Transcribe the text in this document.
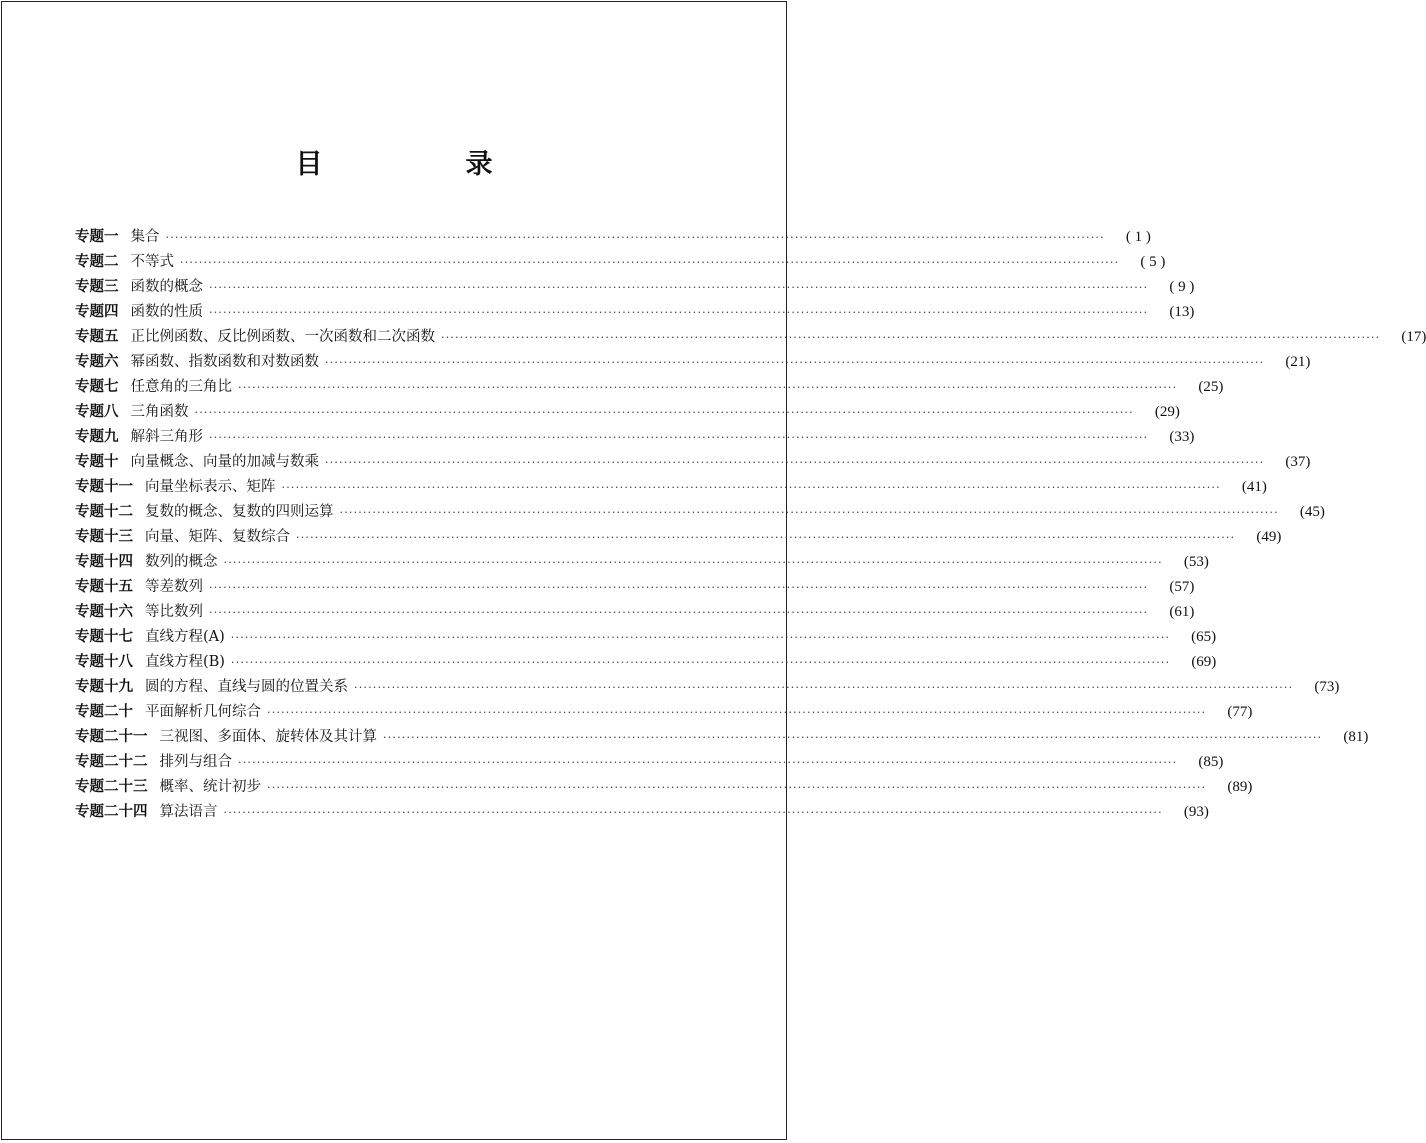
目　录
专题一 集合 ········································································································································································································	( 1 )
专题二 不等式 ········································································································································································································	( 5 )
专题三 函数的概念 ········································································································································································································	( 9 )
专题四 函数的性质 ········································································································································································································	(13)
专题五 正比例函数、反比例函数、一次函数和二次函数 ········································································································································································································	(17)
专题六 幂函数、指数函数和对数函数 ········································································································································································································	(21)
专题七 任意角的三角比 ········································································································································································································	(25)
专题八 三角函数 ········································································································································································································	(29)
专题九 解斜三角形 ········································································································································································································	(33)
专题十 向量概念、向量的加减与数乘 ········································································································································································································	(37)
专题十一 向量坐标表示、矩阵 ········································································································································································································	(41)
专题十二 复数的概念、复数的四则运算 ········································································································································································································	(45)
专题十三 向量、矩阵、复数综合 ········································································································································································································	(49)
专题十四 数列的概念 ········································································································································································································	(53)
专题十五 等差数列 ········································································································································································································	(57)
专题十六 等比数列 ········································································································································································································	(61)
专题十七 直线方程(A) ········································································································································································································	(65)
专题十八 直线方程(B) ········································································································································································································	(69)
专题十九 圆的方程、直线与圆的位置关系 ········································································································································································································	(73)
专题二十 平面解析几何综合 ········································································································································································································	(77)
专题二十一 三视图、多面体、旋转体及其计算 ········································································································································································································	(81)
专题二十二 排列与组合 ········································································································································································································	(85)
专题二十三 概率、统计初步 ········································································································································································································	(89)
专题二十四 算法语言 ········································································································································································································	(93)
